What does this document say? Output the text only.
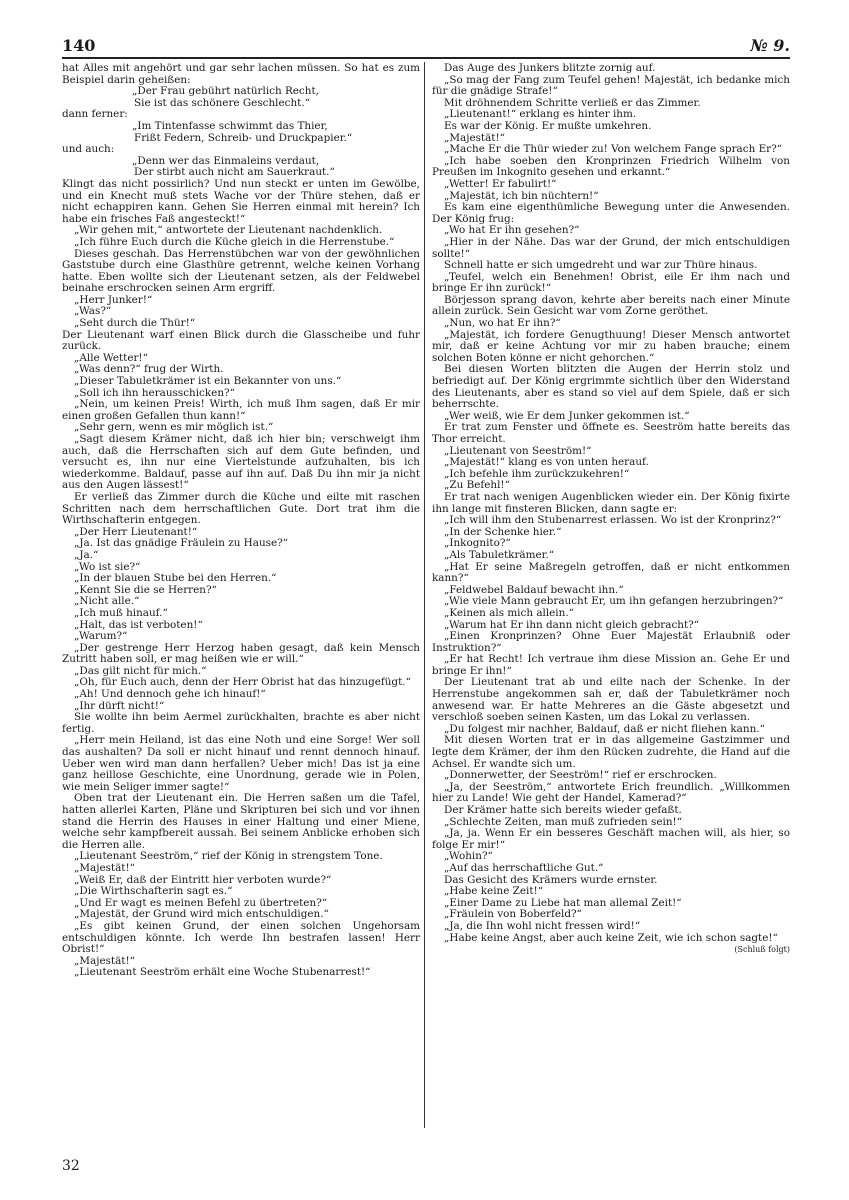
140	№ 9.

hat Alles mit angehört und gar sehr lachen müssen. So hat es zum Beispiel darin geheißen:

„Der Frau gebührt natürlich Recht,

Sie ist das schönere Geschlecht.“

dann ferner:

„Im Tintenfasse schwimmt das Thier,

Frißt Federn, Schreib- und Druckpapier.“

und auch:

„Denn wer das Einmaleins verdaut,

Der stirbt auch nicht am Sauerkraut.“

Klingt das nicht possirlich? Und nun steckt er unten im Gewölbe, und ein Knecht muß stets Wache vor der Thüre stehen, daß er nicht echappiren kann. Gehen Sie Herren einmal mit herein? Ich habe ein frisches Faß angesteckt!“

„Wir gehen mit,“ antwortete der Lieutenant nachdenklich.

„Ich führe Euch durch die Küche gleich in die Herrenstube.“

Dieses geschah. Das Herrenstübchen war von der gewöhnlichen Gaststube durch eine Glasthüre getrennt, welche keinen Vorhang hatte. Eben wollte sich der Lieutenant setzen, als der Feldwebel beinahe erschrocken seinen Arm ergriff.

„Herr Junker!“

„Was?“

„Seht durch die Thür!“

Der Lieutenant warf einen Blick durch die Glasscheibe und fuhr zurück.

„Alle Wetter!“

„Was denn?“ frug der Wirth.

„Dieser Tabuletkrämer ist ein Bekannter von uns.“

„Soll ich ihn herausschicken?“

„Nein, um keinen Preis! Wirth, ich muß Ihm sagen, daß Er mir einen großen Gefallen thun kann!“

„Sehr gern, wenn es mir möglich ist.“

„Sagt diesem Krämer nicht, daß ich hier bin; verschweigt ihm auch, daß die Herrschaften sich auf dem Gute befinden, und versucht es, ihn nur eine Viertelstunde aufzuhalten, bis ich wiederkomme. Baldauf, passe auf ihn auf. Daß Du ihn mir ja nicht aus den Augen lässest!“

Er verließ das Zimmer durch die Küche und eilte mit raschen Schritten nach dem herrschaftlichen Gute. Dort trat ihm die Wirthschafterin entgegen.

„Der Herr Lieutenant!“

„Ja. Ist das gnädige Fräulein zu Hause?“

„Ja.“

„Wo ist sie?“

„In der blauen Stube bei den Herren.“

„Kennt Sie die se Herren?“

„Nicht alle.“

„Ich muß hinauf.“

„Halt, das ist verboten!“

„Warum?“

„Der gestrenge Herr Herzog haben gesagt, daß kein Mensch Zutritt haben soll, er mag heißen wie er will.“

„Das gilt nicht für mich.“

„Oh, für Euch auch, denn der Herr Obrist hat das hinzugefügt.“

„Ah! Und dennoch gehe ich hinauf!“

„Ihr dürft nicht!“

Sie wollte ihn beim Aermel zurückhalten, brachte es aber nicht fertig.

„Herr mein Heiland, ist das eine Noth und eine Sorge! Wer soll das aushalten? Da soll er nicht hinauf und rennt dennoch hinauf. Ueber wen wird man dann herfallen? Ueber mich! Das ist ja eine ganz heillose Geschichte, eine Unordnung, gerade wie in Polen, wie mein Seliger immer sagte!“

Oben trat der Lieutenant ein. Die Herren saßen um die Tafel, hatten allerlei Karten, Pläne und Skripturen bei sich und vor ihnen stand die Herrin des Hauses in einer Haltung und einer Miene, welche sehr kampfbereit aussah. Bei seinem Anblicke erhoben sich die Herren alle.

„Lieutenant Seeström,“ rief der König in strengstem Tone.

„Majestät!“

„Weiß Er, daß der Eintritt hier verboten wurde?“

„Die Wirthschafterin sagt es.“

„Und Er wagt es meinen Befehl zu übertreten?“

„Majestät, der Grund wird mich entschuldigen.“

„Es gibt keinen Grund, der einen solchen Ungehorsam entschuldigen könnte. Ich werde Ihn bestrafen lassen! Herr Obrist!“

„Majestät!“

„Lieutenant Seeström erhält eine Woche Stubenarrest!“

Das Auge des Junkers blitzte zornig auf.

„So mag der Fang zum Teufel gehen! Majestät, ich bedanke mich für die gnädige Strafe!“

Mit dröhnendem Schritte verließ er das Zimmer.

„Lieutenant!“ erklang es hinter ihm.

Es war der König. Er mußte umkehren.

„Majestät!“

„Mache Er die Thür wieder zu! Von welchem Fange sprach Er?“

„Ich habe soeben den Kronprinzen Friedrich Wilhelm von Preußen im Inkognito gesehen und erkannt.“

„Wetter! Er fabulirt!“

„Majestät, ich bin nüchtern!“

Es kam eine eigenthümliche Bewegung unter die Anwesenden. Der König frug:

„Wo hat Er ihn gesehen?“

„Hier in der Nähe. Das war der Grund, der mich entschuldigen sollte!“

Schnell hatte er sich umgedreht und war zur Thüre hinaus.

„Teufel, welch ein Benehmen! Obrist, eile Er ihm nach und bringe Er ihn zurück!“

Börjesson sprang davon, kehrte aber bereits nach einer Minute allein zurück. Sein Gesicht war vom Zorne geröthet.

„Nun, wo hat Er ihn?“

„Majestät, ich fordere Genugthuung! Dieser Mensch antwortet mir, daß er keine Achtung vor mir zu haben brauche; einem solchen Boten könne er nicht gehorchen.“

Bei diesen Worten blitzten die Augen der Herrin stolz und befriedigt auf. Der König ergrimmte sichtlich über den Widerstand des Lieutenants, aber es stand so viel auf dem Spiele, daß er sich beherrschte.

„Wer weiß, wie Er dem Junker gekommen ist.“

Er trat zum Fenster und öffnete es. Seeström hatte bereits das Thor erreicht.

„Lieutenant von Seeström!“

„Majestät!“ klang es von unten herauf.

„Ich befehle ihm zurückzukehren!“

„Zu Befehl!“

Er trat nach wenigen Augenblicken wieder ein. Der König fixirte ihn lange mit finsteren Blicken, dann sagte er:

„Ich will ihm den Stubenarrest erlassen. Wo ist der Kronprinz?“

„In der Schenke hier.“

„Inkognito?“

„Als Tabuletkrämer.“

„Hat Er seine Maßregeln getroffen, daß er nicht entkommen kann?“

„Feldwebel Baldauf bewacht ihn.“

„Wie viele Mann gebraucht Er, um ihn gefangen herzubringen?“

„Keinen als mich allein.“

„Warum hat Er ihn dann nicht gleich gebracht?“

„Einen Kronprinzen? Ohne Euer Majestät Erlaubniß oder Instruktion?“

„Er hat Recht! Ich vertraue ihm diese Mission an. Gehe Er und bringe Er ihn!“

Der Lieutenant trat ab und eilte nach der Schenke. In der Herrenstube angekommen sah er, daß der Tabuletkrämer noch anwesend war. Er hatte Mehreres an die Gäste abgesetzt und verschloß soeben seinen Kasten, um das Lokal zu verlassen.

„Du folgest mir nachher, Baldauf, daß er nicht fliehen kann.“

Mit diesen Worten trat er in das allgemeine Gastzimmer und legte dem Krämer, der ihm den Rücken zudrehte, die Hand auf die Achsel. Er wandte sich um.

„Donnerwetter, der Seeström!“ rief er erschrocken.

„Ja, der Seeström,“ antwortete Erich freundlich. „Willkommen hier zu Lande! Wie geht der Handel, Kamerad?“

Der Krämer hatte sich bereits wieder gefaßt.

„Schlechte Zeiten, man muß zufrieden sein!“

„Ja, ja. Wenn Er ein besseres Geschäft machen will, als hier, so folge Er mir!“

„Wohin?“

„Auf das herrschaftliche Gut.“

Das Gesicht des Krämers wurde ernster.

„Habe keine Zeit!“

„Einer Dame zu Liebe hat man allemal Zeit!“

„Fräulein von Boberfeld?“

„Ja, die Ihn wohl nicht fressen wird!“

„Habe keine Angst, aber auch keine Zeit, wie ich schon sagte!“

(Schluß folgt)

32
